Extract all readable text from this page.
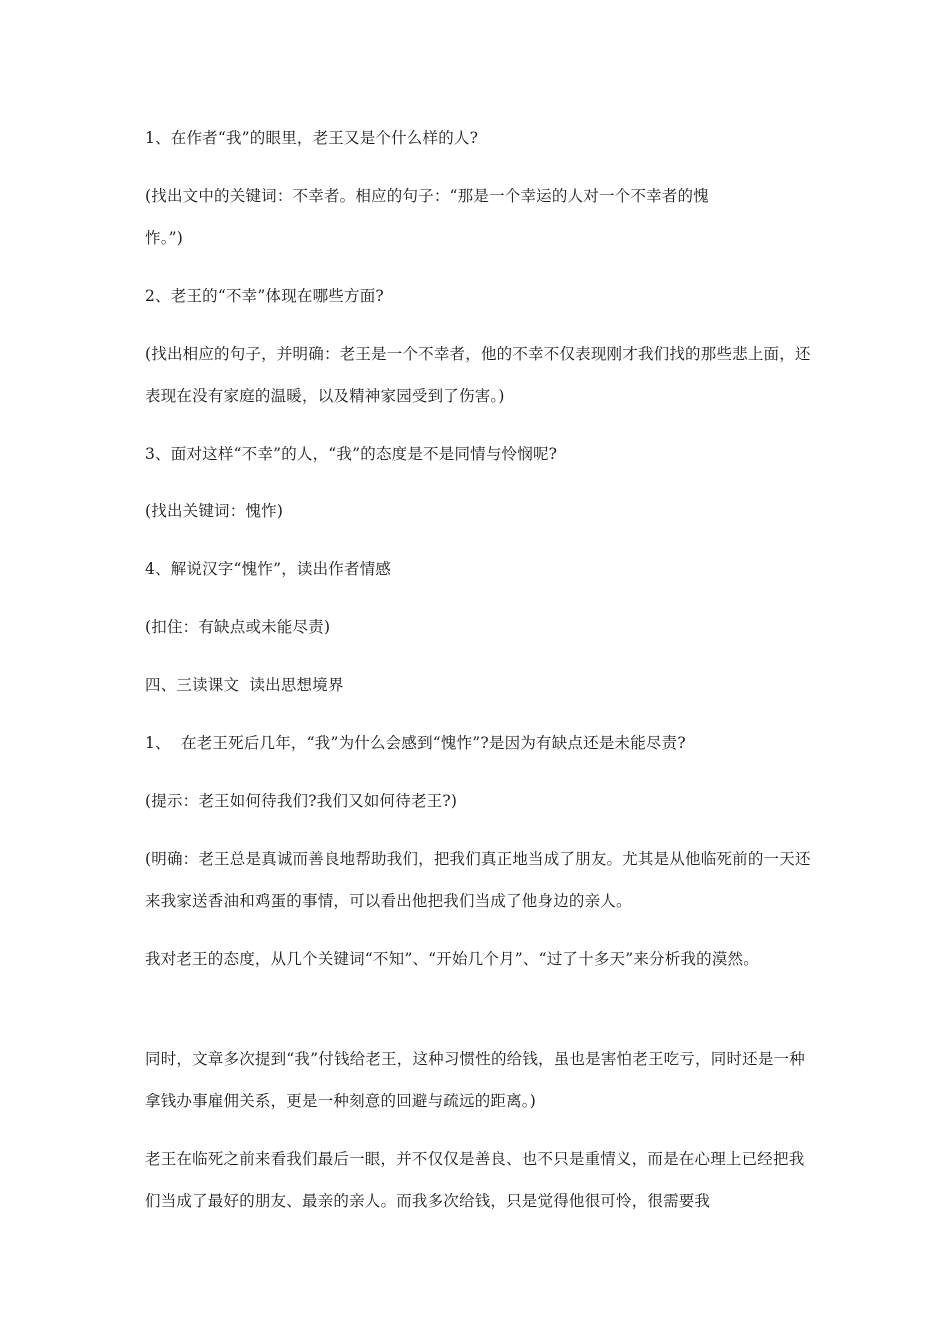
1、在作者“我”的眼里，老王又是个什么样的人?

(找出文中的关键词：不幸者。相应的句子：“那是一个幸运的人对一个不幸者的愧
怍。”)

2、老王的“不幸”体现在哪些方面?

(找出相应的句子，并明确：老王是一个不幸者，他的不幸不仅表现刚才我们找的那些悲上面，还表现在没有家庭的温暖，以及精神家园受到了伤害。)

3、面对这样“不幸”的人，“我”的态度是不是同情与怜悯呢?

(找出关键词：愧怍)

4、解说汉字“愧怍”，读出作者情感

(扣住：有缺点或未能尽责)

四、三读课文  读出思想境界

1、  在老王死后几年，“我”为什么会感到“愧怍”?是因为有缺点还是未能尽责?

(提示：老王如何待我们?我们又如何待老王?)

(明确：老王总是真诚而善良地帮助我们，把我们真正地当成了朋友。尤其是从他临死前的一天还来我家送香油和鸡蛋的事情，可以看出他把我们当成了他身边的亲人。

我对老王的态度，从几个关键词“不知”、“开始几个月”、“过了十多天”来分析我的漠然。

同时，文章多次提到“我”付钱给老王，这种习惯性的给钱，虽也是害怕老王吃亏，同时还是一种拿钱办事雇佣关系，更是一种刻意的回避与疏远的距离。)

老王在临死之前来看我们最后一眼，并不仅仅是善良、也不只是重情义，而是在心理上已经把我们当成了最好的朋友、最亲的亲人。而我多次给钱，只是觉得他很可怜，很需要我
